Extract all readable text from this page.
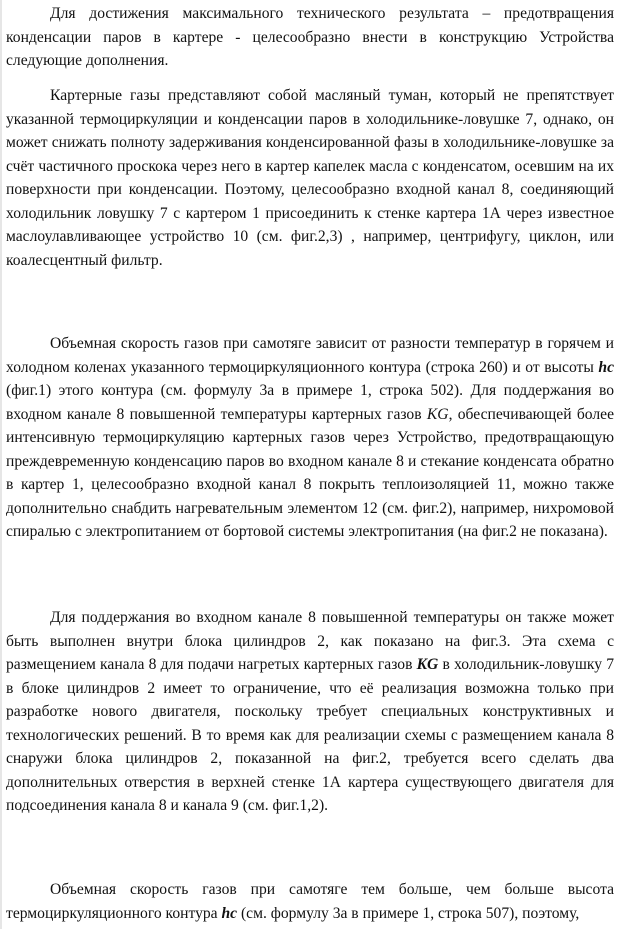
Для достижения максимального технического результата – предотвращения конденсации паров в картере - целесообразно внести в конструкцию Устройства следующие дополнения.

Картерные газы представляют собой масляный туман, который не препятствует указанной термоциркуляции и конденсации паров в холодильнике-ловушке 7, однако, он может снижать полноту задерживания конденсированной фазы в холодильнике-ловушке за счёт частичного проскока через него в картер капелек масла с конденсатом, осевшим на их поверхности при конденсации. Поэтому, целесообразно входной канал 8, соединяющий холодильник ловушку 7 с картером 1 присоединить к стенке картера 1А через известное маслоулавливающее устройство 10 (см. фиг.2,3) , например, центрифугу, циклон, или коалесцентный фильтр.

Объемная скорость газов при самотяге зависит от разности температур в горячем и холодном коленах указанного термоциркуляционного контура (строка 260) и от высоты hc (фиг.1) этого контура (см. формулу 3а в примере 1, строка 502). Для поддержания во входном канале 8 повышенной температуры картерных газов KG, обеспечивающей более интенсивную термоциркуляцию картерных газов через Устройство, предотвращающую преждевременную конденсацию паров во входном канале 8 и стекание конденсата обратно в картер 1, целесообразно входной канал 8 покрыть теплоизоляцией 11, можно также дополнительно снабдить нагревательным элементом 12 (см. фиг.2), например, нихромовой спиралью с электропитанием от бортовой системы электропитания (на фиг.2 не показана).

Для поддержания во входном канале 8 повышенной температуры он также может быть выполнен внутри блока цилиндров 2, как показано на фиг.3. Эта схема с размещением канала 8 для подачи нагретых картерных газов KG в холодильник-ловушку 7 в блоке цилиндров 2 имеет то ограничение, что её реализация возможна только при разработке нового двигателя, поскольку требует специальных конструктивных и технологических решений. В то время как для реализации схемы с размещением канала 8 снаружи блока цилиндров 2, показанной на фиг.2, требуется всего сделать два дополнительных отверстия в верхней стенке 1А картера существующего двигателя для подсоединения канала 8 и канала 9 (см. фиг.1,2).

Объемная скорость газов при самотяге тем больше, чем больше высота термоциркуляционного контура hc (см. формулу 3а в примере 1, строка 507), поэтому,
